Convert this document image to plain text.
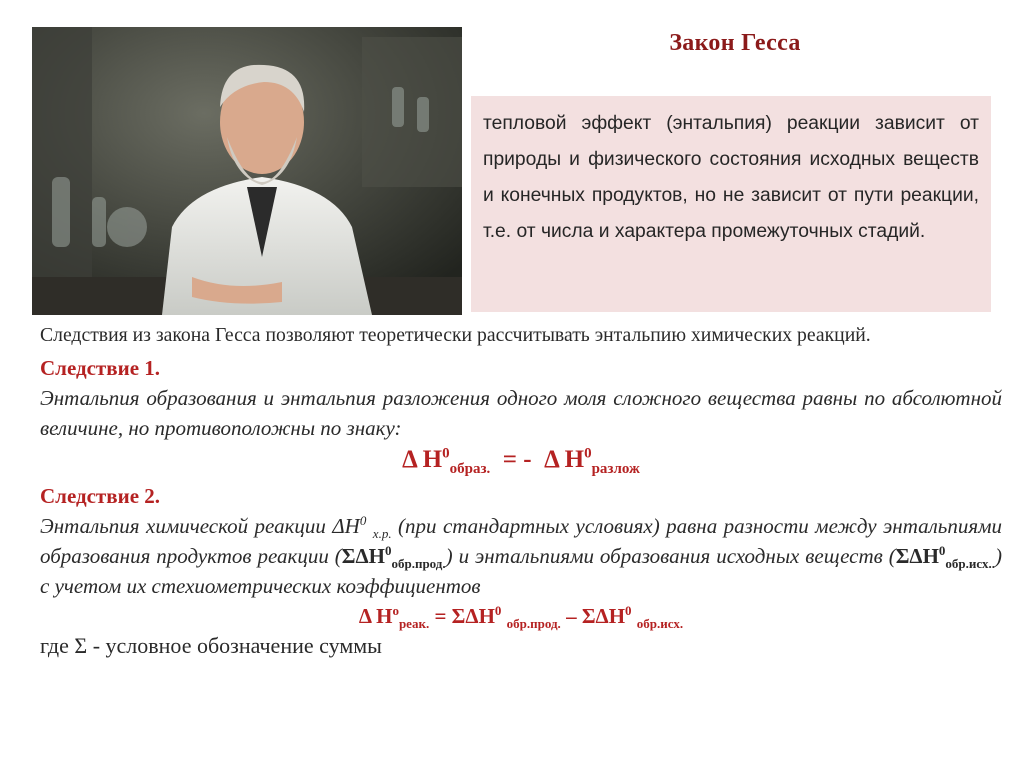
Закон Гесса

тепловой эффект (энтальпия) реакции зависит от природы и физического состояния исходных веществ и конечных продуктов, но не зависит от пути реакции, т.е. от числа и характера промежуточных стадий.

Следствия из закона Гесса позволяют теоретически рассчитывать энтальпию химических реакций.

Следствие 1.

Энтальпия образования и энтальпия разложения одного моля сложного вещества равны по абсолютной величине, но противоположны по знаку:

Δ $H^0_{образ.}$ = - Δ $H^0_{разлож}$

Следствие 2.

Энтальпия химической реакции $\Delta H^0$ $_{х.р.}$ (при стандартных условиях) равна разности между энтальпиями образования продуктов реакции $(\Sigma\Delta H^0_{обр.прод.})$ и энтальпиями образования исходных веществ $(\Sigma\Delta H^0_{обр.исх..})$ с учетом их стехиометрических коэффициентов

Δ $H^o_{реак.} = \Sigma\Delta H^0$ $_{обр.прод.}$ – ΣΔH$^0$ $_{обр.исх.}$

где Σ - условное обозначение суммы
